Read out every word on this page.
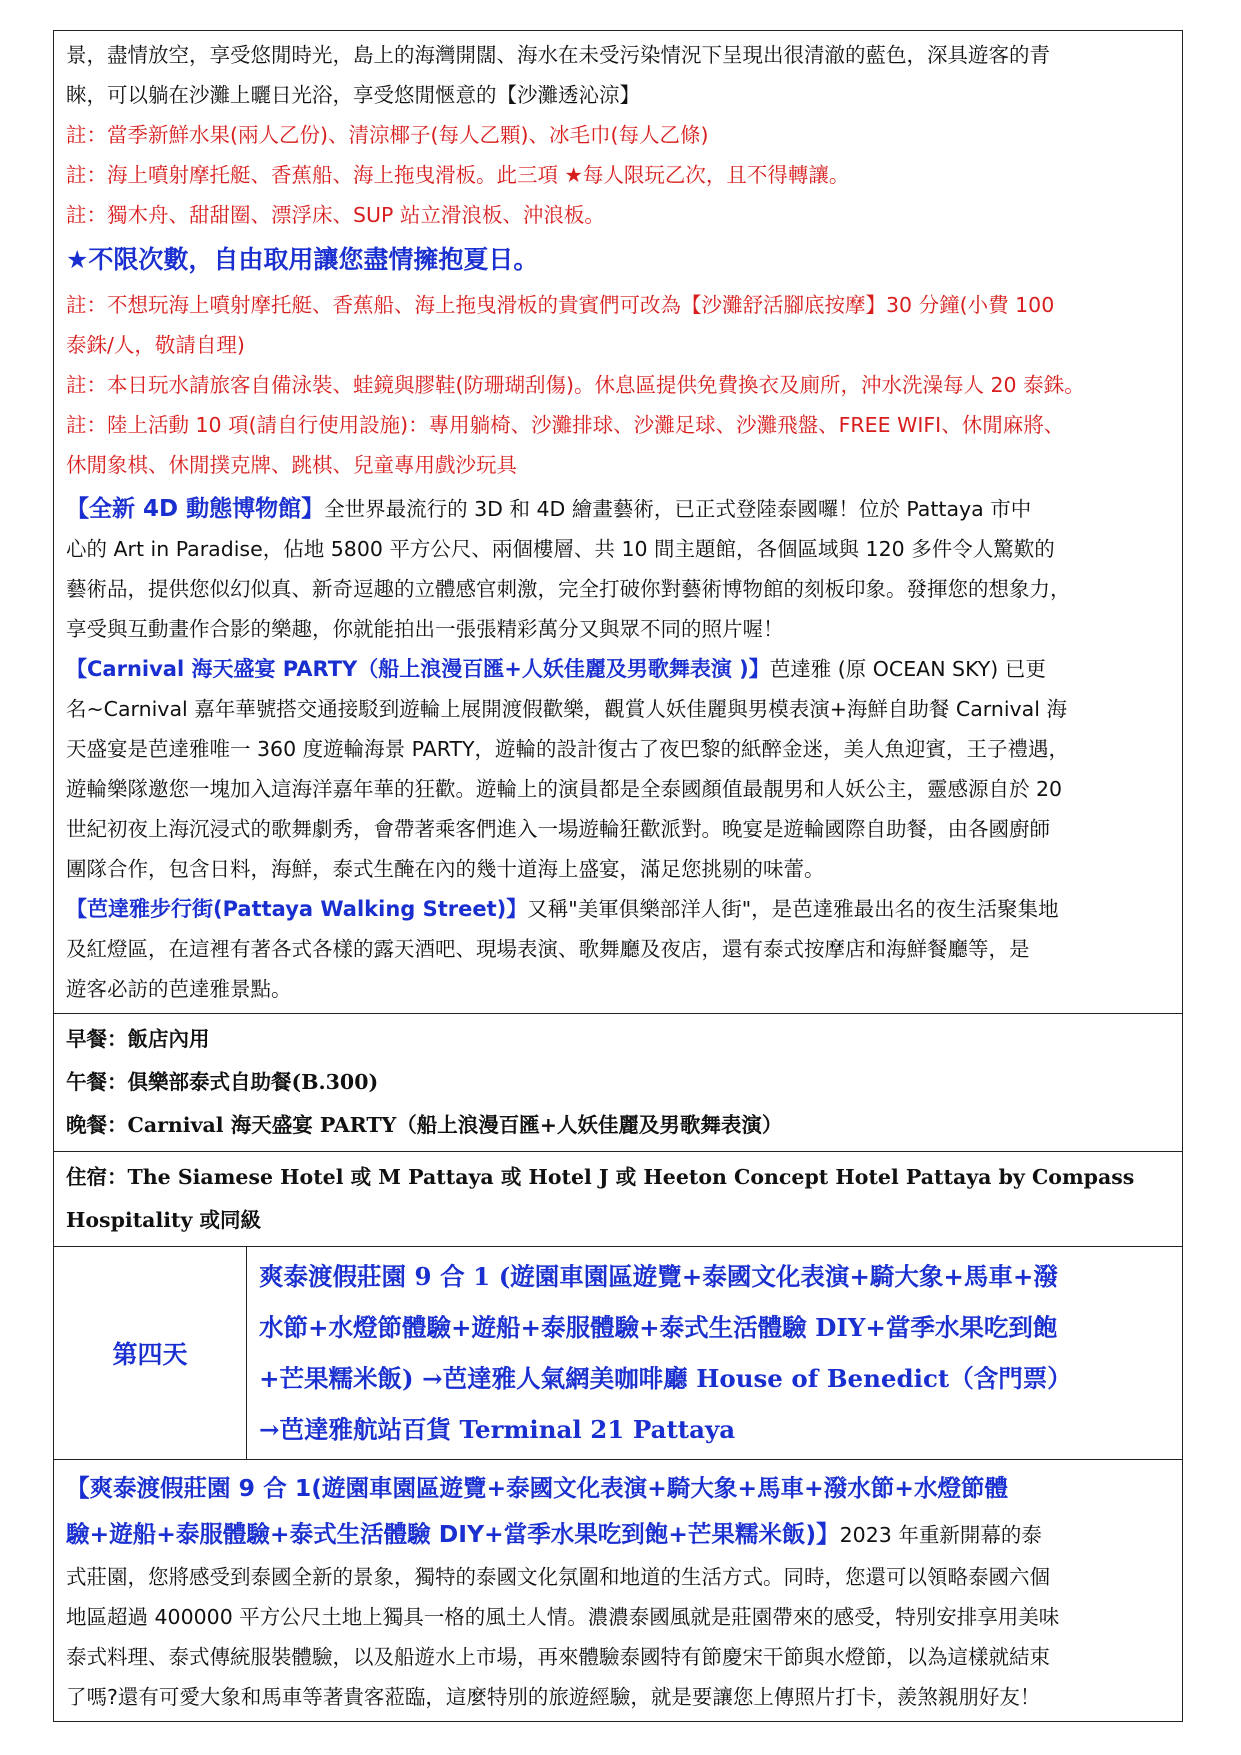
景，盡情放空，享受悠閒時光，島上的海灣開闊、海水在未受污染情況下呈現出很清澈的藍色，深具遊客的青
睞，可以躺在沙灘上曬日光浴，享受悠閒愜意的【沙灘透沁涼】
註：當季新鮮水果(兩人乙份)、清涼椰子(每人乙顆)、冰毛巾(每人乙條)
註：海上噴射摩托艇、香蕉船、海上拖曳滑板。此三項 ★每人限玩乙次，且不得轉讓。
註：獨木舟、甜甜圈、漂浮床、SUP 站立滑浪板、沖浪板。
★不限次數，自由取用讓您盡情擁抱夏日。
註：不想玩海上噴射摩托艇、香蕉船、海上拖曳滑板的貴賓們可改為【沙灘舒活腳底按摩】30 分鐘(小費 100
泰銖/人，敬請自理)
註：本日玩水請旅客自備泳裝、蛙鏡與膠鞋(防珊瑚刮傷)。休息區提供免費換衣及廁所，沖水洗澡每人 20 泰銖。
註：陸上活動 10 項(請自行使用設施)：專用躺椅、沙灘排球、沙灘足球、沙灘飛盤、FREE WIFI、休閒麻將、
休閒象棋、休閒撲克牌、跳棋、兒童專用戲沙玩具
【全新 4D 動態博物館】全世界最流行的 3D 和 4D 繪畫藝術，已正式登陸泰國囉！位於 Pattaya 市中
心的 Art in Paradise，佔地 5800 平方公尺、兩個樓層、共 10 間主題館，各個區域與 120 多件令人驚歎的
藝術品，提供您似幻似真、新奇逗趣的立體感官刺激，完全打破你對藝術博物館的刻板印象。發揮您的想象力，
享受與互動畫作合影的樂趣，你就能拍出一張張精彩萬分又與眾不同的照片喔！
【Carnival 海天盛宴 PARTY（船上浪漫百匯+人妖佳麗及男歌舞表演 )】芭達雅 (原 OCEAN SKY) 已更
名~Carnival 嘉年華號搭交通接駁到遊輪上展開渡假歡樂，觀賞人妖佳麗與男模表演+海鮮自助餐 Carnival 海
天盛宴是芭達雅唯一 360 度遊輪海景 PARTY，遊輪的設計復古了夜巴黎的紙醉金迷，美人魚迎賓，王子禮遇，
遊輪樂隊邀您一塊加入這海洋嘉年華的狂歡。遊輪上的演員都是全泰國顏值最靚男和人妖公主，靈感源自於 20
世紀初夜上海沉浸式的歌舞劇秀，會帶著乘客們進入一場遊輪狂歡派對。晚宴是遊輪國際自助餐，由各國廚師
團隊合作，包含日料，海鮮，泰式生醃在內的幾十道海上盛宴，滿足您挑剔的味蕾。
【芭達雅步行街(Pattaya Walking Street)】又稱"美軍俱樂部洋人街"，是芭達雅最出名的夜生活聚集地
及紅燈區，在這裡有著各式各樣的露天酒吧、現場表演、歌舞廳及夜店，還有泰式按摩店和海鮮餐廳等，是
遊客必訪的芭達雅景點。
早餐：飯店內用
午餐：俱樂部泰式自助餐(B.300)
晚餐：Carnival 海天盛宴 PARTY（船上浪漫百匯+人妖佳麗及男歌舞表演）
住宿：The Siamese Hotel 或 M Pattaya 或 Hotel J 或 Heeton Concept Hotel Pattaya by Compass
Hospitality 或同級
第四天
爽泰渡假莊園 9 合 1 (遊園車園區遊覽+泰國文化表演+騎大象+馬車+潑
水節+水燈節體驗+遊船+泰服體驗+泰式生活體驗 DIY+當季水果吃到飽
+芒果糯米飯) →芭達雅人氣網美咖啡廳 House of Benedict（含門票）
→芭達雅航站百貨 Terminal 21 Pattaya
【爽泰渡假莊園 9 合 1(遊園車園區遊覽+泰國文化表演+騎大象+馬車+潑水節+水燈節體
驗+遊船+泰服體驗+泰式生活體驗 DIY+當季水果吃到飽+芒果糯米飯)】2023 年重新開幕的泰
式莊園，您將感受到泰國全新的景象，獨特的泰國文化氛圍和地道的生活方式。同時，您還可以領略泰國六個
地區超過 400000 平方公尺土地上獨具一格的風土人情。濃濃泰國風就是莊園帶來的感受，特別安排享用美味
泰式料理、泰式傳統服裝體驗，以及船遊水上市場，再來體驗泰國特有節慶宋干節與水燈節，以為這樣就結束
了嗎?還有可愛大象和馬車等著貴客蒞臨，這麼特別的旅遊經驗，就是要讓您上傳照片打卡，羨煞親朋好友！
